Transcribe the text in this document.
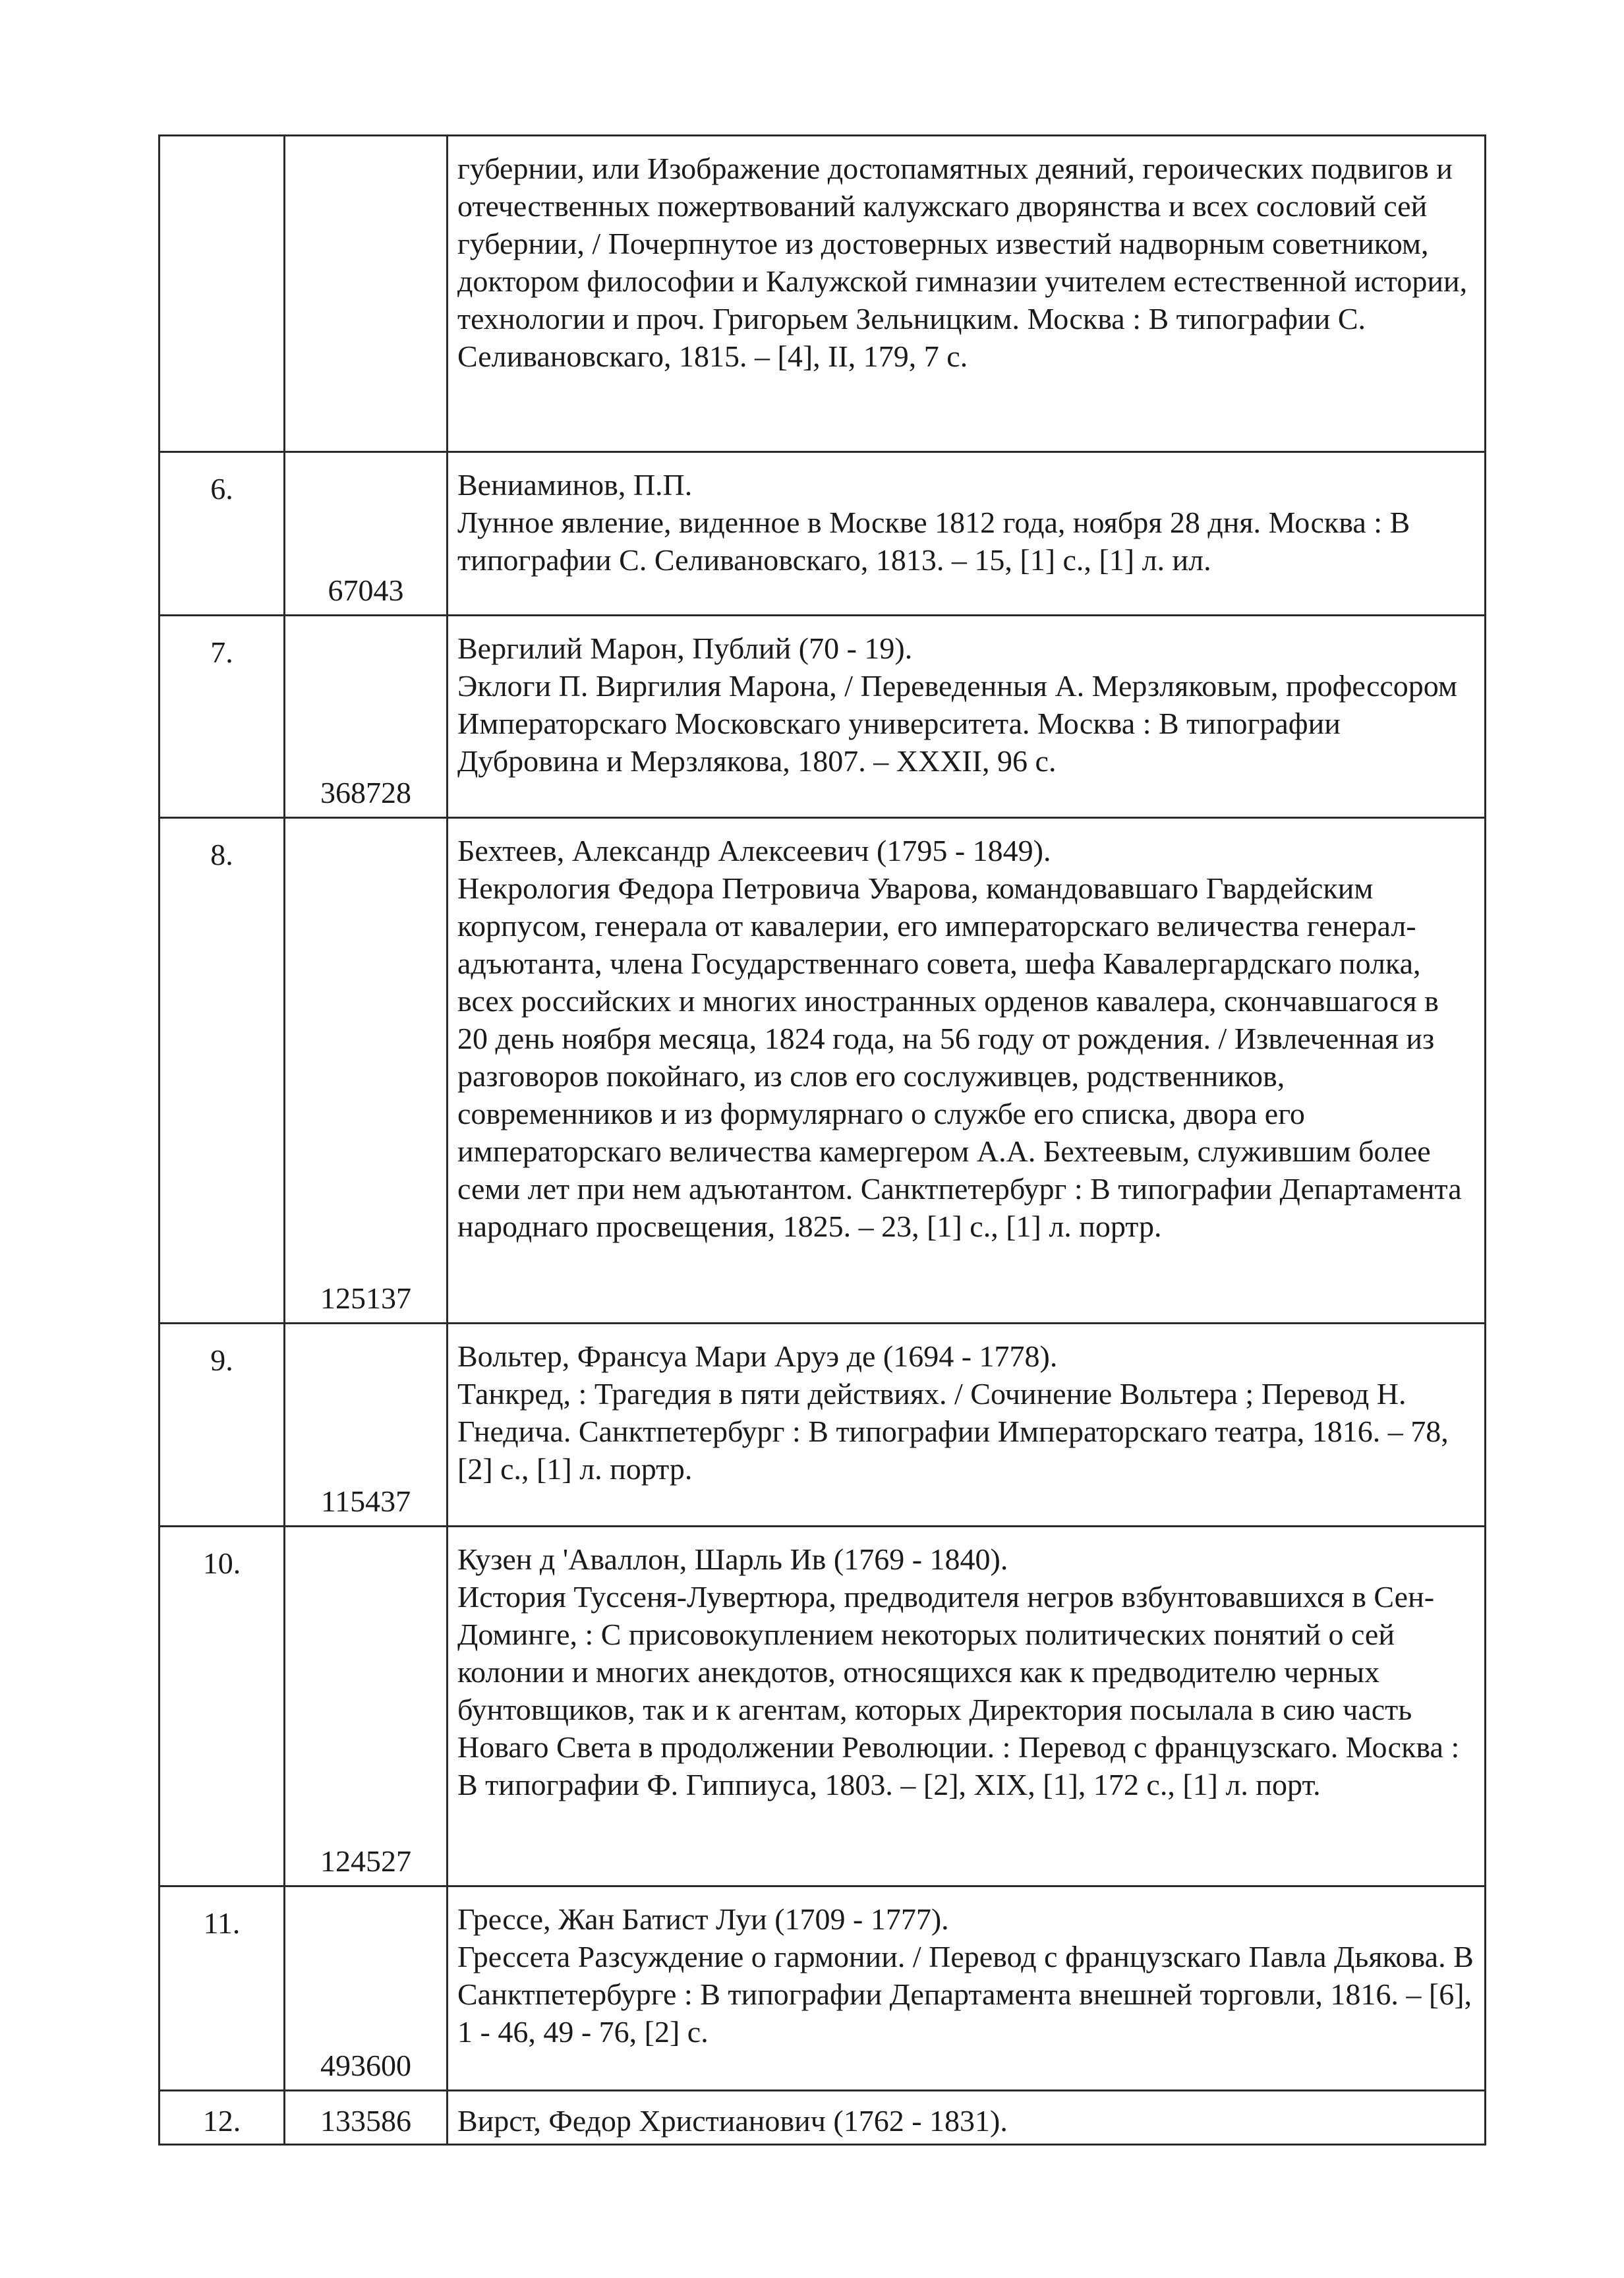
		губернии, или Изображение достопамятных деяний, героических подвигов и отечественных пожертвований калужскаго дворянства и всех сословий сей губернии, / Почерпнутое из достоверных известий надворным советником, доктором философии и Калужской гимназии учителем естественной истории, технологии и проч. Григорьем Зельницким. Москва : В типографии С. Селивановскаго, 1815. – [4], II, 179, 7 с.

6.	67043	Вениаминов, П.П.
Лунное явление, виденное в Москве 1812 года, ноября 28 дня. Москва : В типографии С. Селивановскаго, 1813. – 15, [1] с., [1] л. ил.

7.	368728	Вергилий Марон, Публий (70 - 19).
Эклоги П. Виргилия Марона, / Переведенныя А. Мерзляковым, профессором Императорскаго Московскаго университета. Москва : В типографии Дубровина и Мерзлякова, 1807. – XXXII, 96 с.

8.	125137	Бехтеев, Александр Алексеевич (1795 - 1849).
Некрология Федора Петровича Уварова, командовавшаго Гвардейским корпусом, генерала от кавалерии, его императорскаго величества генерал-адъютанта, члена Государственнаго совета, шефа Кавалергардскаго полка, всех российских и многих иностранных орденов кавалера, скончавшагося в 20 день ноября месяца, 1824 года, на 56 году от рождения. / Извлеченная из разговоров покойнаго, из слов его сослуживцев, родственников, современников и из формулярнаго о службе его списка, двора его императорскаго величества камергером А.А. Бехтеевым, служившим более семи лет при нем адъютантом. Санктпетербург : В типографии Департамента народнаго просвещения, 1825. – 23, [1] с., [1] л. портр.

9.	115437	Вольтер, Франсуа Мари Аруэ де (1694 - 1778).
Танкред, : Трагедия в пяти действиях. / Сочинение Вольтера ; Перевод Н. Гнедича. Санктпетербург : В типографии Императорскаго театра, 1816. – 78, [2] с., [1] л. портр.

10.	124527	Кузен д 'Аваллон, Шарль Ив (1769 - 1840).
История Туссеня-Лувертюра, предводителя негров взбунтовавшихся в Сен-Доминге, : С присовокуплением некоторых политических понятий о сей колонии и многих анекдотов, относящихся как к предводителю черных бунтовщиков, так и к агентам, которых Директория посылала в сию часть Новаго Света в продолжении Революции. : Перевод с французскаго. Москва : В типографии Ф. Гиппиуса, 1803. – [2], XIX, [1], 172 с., [1] л. порт.

11.	493600	Грессе, Жан Батист Луи (1709 - 1777).
Грессета Разсуждение о гармонии. / Перевод с французскаго Павла Дьякова. В Санктпетербурге : В типографии Департамента внешней торговли, 1816. – [6], 1 - 46, 49 - 76, [2] с.

12.	133586	Вирст, Федор Христианович (1762 - 1831).
